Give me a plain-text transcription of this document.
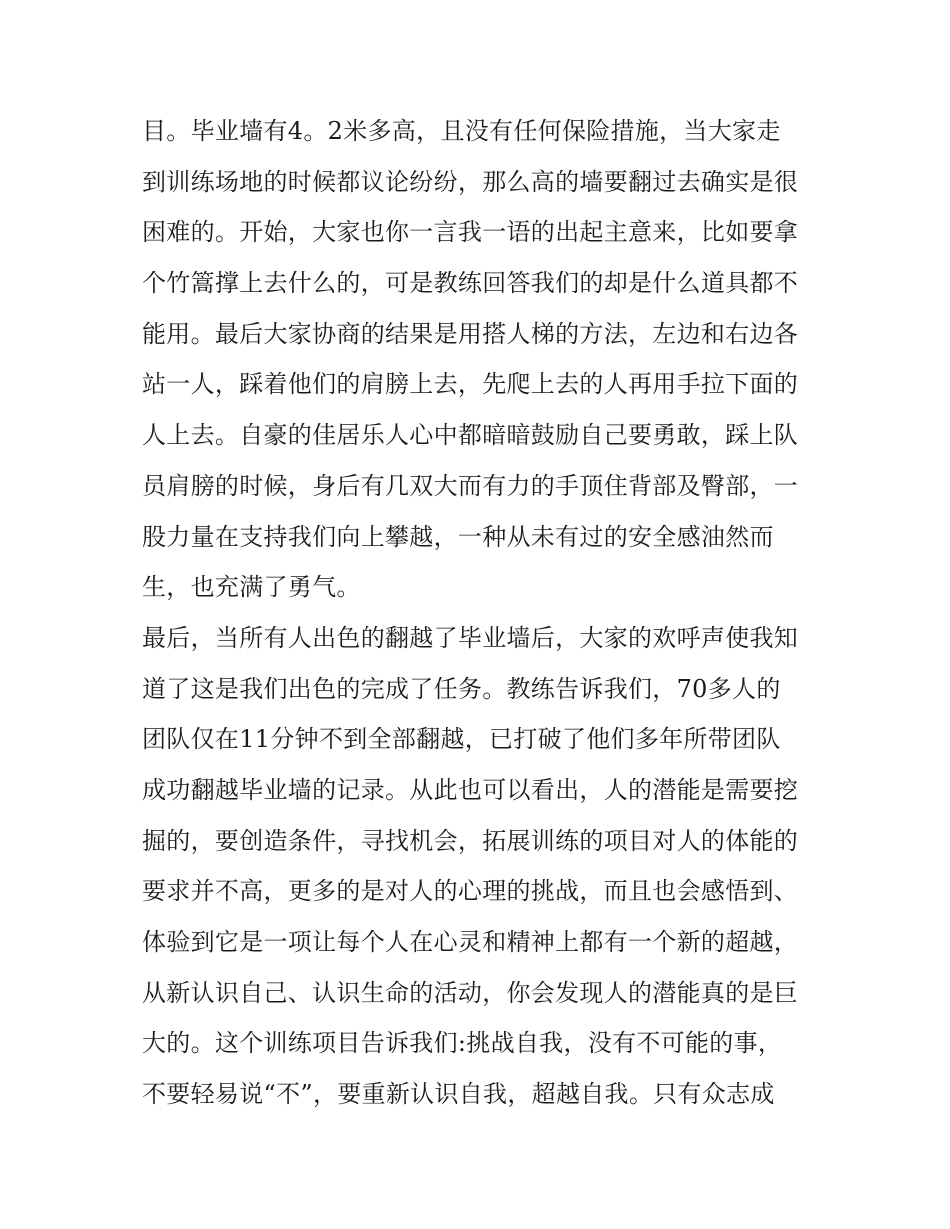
目。毕业墙有4。2米多高，且没有任何保险措施，当大家走
到训练场地的时候都议论纷纷，那么高的墙要翻过去确实是很
困难的。开始，大家也你一言我一语的出起主意来，比如要拿
个竹篙撑上去什么的，可是教练回答我们的却是什么道具都不
能用。最后大家协商的结果是用搭人梯的方法，左边和右边各
站一人，踩着他们的肩膀上去，先爬上去的人再用手拉下面的
人上去。自豪的佳居乐人心中都暗暗鼓励自己要勇敢，踩上队
员肩膀的时候，身后有几双大而有力的手顶住背部及臀部，一
股力量在支持我们向上攀越，一种从未有过的安全感油然而
生，也充满了勇气。
最后，当所有人出色的翻越了毕业墙后，大家的欢呼声使我知
道了这是我们出色的完成了任务。教练告诉我们，70多人的
团队仅在11分钟不到全部翻越，已打破了他们多年所带团队
成功翻越毕业墙的记录。从此也可以看出，人的潜能是需要挖
掘的，要创造条件，寻找机会，拓展训练的项目对人的体能的
要求并不高，更多的是对人的心理的挑战，而且也会感悟到、
体验到它是一项让每个人在心灵和精神上都有一个新的超越，
从新认识自己、认识生命的活动，你会发现人的潜能真的是巨
大的。这个训练项目告诉我们:挑战自我，没有不可能的事，
不要轻易说“不”，要重新认识自我，超越自我。只有众志成
